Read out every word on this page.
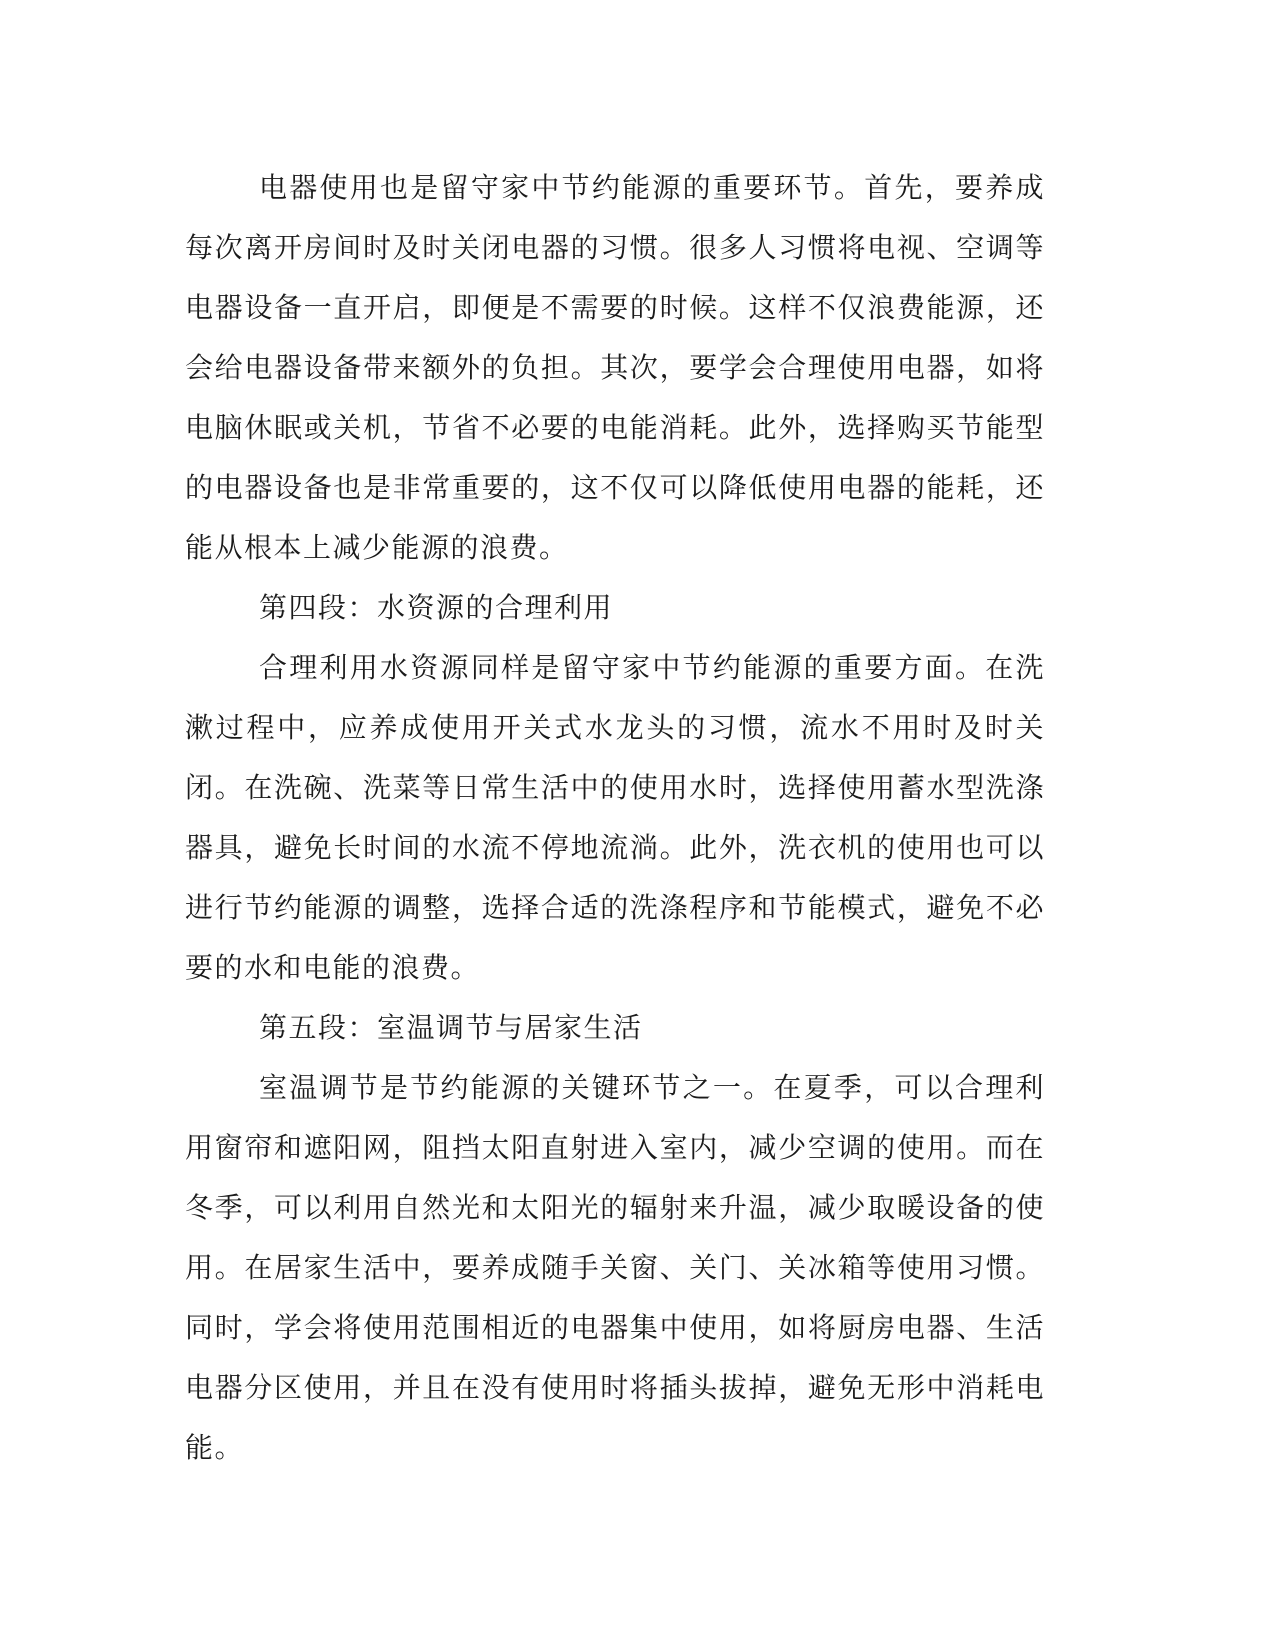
电器使用也是留守家中节约能源的重要环节。首先，要养成每次离开房间时及时关闭电器的习惯。很多人习惯将电视、空调等电器设备一直开启，即便是不需要的时候。这样不仅浪费能源，还会给电器设备带来额外的负担。其次，要学会合理使用电器，如将电脑休眠或关机，节省不必要的电能消耗。此外，选择购买节能型的电器设备也是非常重要的，这不仅可以降低使用电器的能耗，还能从根本上减少能源的浪费。

第四段：水资源的合理利用

合理利用水资源同样是留守家中节约能源的重要方面。在洗漱过程中，应养成使用开关式水龙头的习惯，流水不用时及时关闭。在洗碗、洗菜等日常生活中的使用水时，选择使用蓄水型洗涤器具，避免长时间的水流不停地流淌。此外，洗衣机的使用也可以进行节约能源的调整，选择合适的洗涤程序和节能模式，避免不必要的水和电能的浪费。

第五段：室温调节与居家生活

室温调节是节约能源的关键环节之一。在夏季，可以合理利用窗帘和遮阳网，阻挡太阳直射进入室内，减少空调的使用。而在冬季，可以利用自然光和太阳光的辐射来升温，减少取暖设备的使用。在居家生活中，要养成随手关窗、关门、关冰箱等使用习惯。同时，学会将使用范围相近的电器集中使用，如将厨房电器、生活电器分区使用，并且在没有使用时将插头拔掉，避免无形中消耗电能。
